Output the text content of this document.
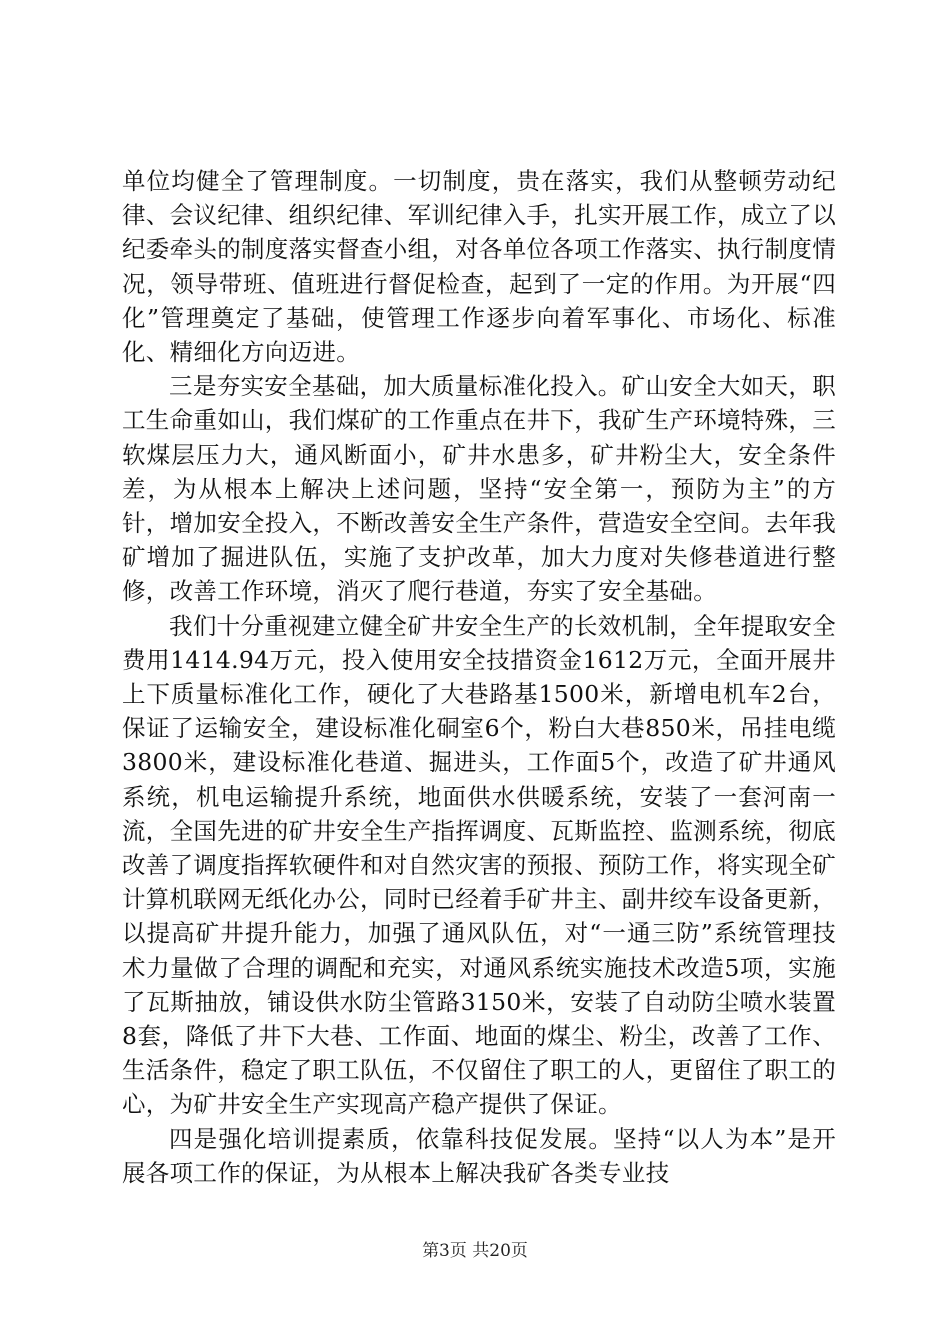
单位均健全了管理制度。一切制度，贵在落实，我们从整顿劳动纪律、会议纪律、组织纪律、军训纪律入手，扎实开展工作，成立了以纪委牵头的制度落实督查小组，对各单位各项工作落实、执行制度情况，领导带班、值班进行督促检查，起到了一定的作用。为开展“四化”管理奠定了基础，使管理工作逐步向着军事化、市场化、标准化、精细化方向迈进。

三是夯实安全基础，加大质量标准化投入。矿山安全大如天，职工生命重如山，我们煤矿的工作重点在井下，我矿生产环境特殊，三软煤层压力大，通风断面小，矿井水患多，矿井粉尘大，安全条件差，为从根本上解决上述问题，坚持“安全第一，预防为主”的方针，增加安全投入，不断改善安全生产条件，营造安全空间。去年我矿增加了掘进队伍，实施了支护改革，加大力度对失修巷道进行整修，改善工作环境，消灭了爬行巷道，夯实了安全基础。

我们十分重视建立健全矿井安全生产的长效机制，全年提取安全费用1414.94万元，投入使用安全技措资金1612万元，全面开展井上下质量标准化工作，硬化了大巷路基1500米，新增电机车2台，保证了运输安全，建设标准化硐室6个，粉白大巷850米，吊挂电缆3800米，建设标准化巷道、掘进头，工作面5个，改造了矿井通风系统，机电运输提升系统，地面供水供暖系统，安装了一套河南一流，全国先进的矿井安全生产指挥调度、瓦斯监控、监测系统，彻底改善了调度指挥软硬件和对自然灾害的预报、预防工作，将实现全矿计算机联网无纸化办公，同时已经着手矿井主、副井绞车设备更新，以提高矿井提升能力，加强了通风队伍，对“一通三防”系统管理技术力量做了合理的调配和充实，对通风系统实施技术改造5项，实施了瓦斯抽放，铺设供水防尘管路3150米，安装了自动防尘喷水装置8套，降低了井下大巷、工作面、地面的煤尘、粉尘，改善了工作、生活条件，稳定了职工队伍，不仅留住了职工的人，更留住了职工的心，为矿井安全生产实现高产稳产提供了保证。

四是强化培训提素质，依靠科技促发展。坚持“以人为本”是开展各项工作的保证，为从根本上解决我矿各类专业技

第3页 共20页
